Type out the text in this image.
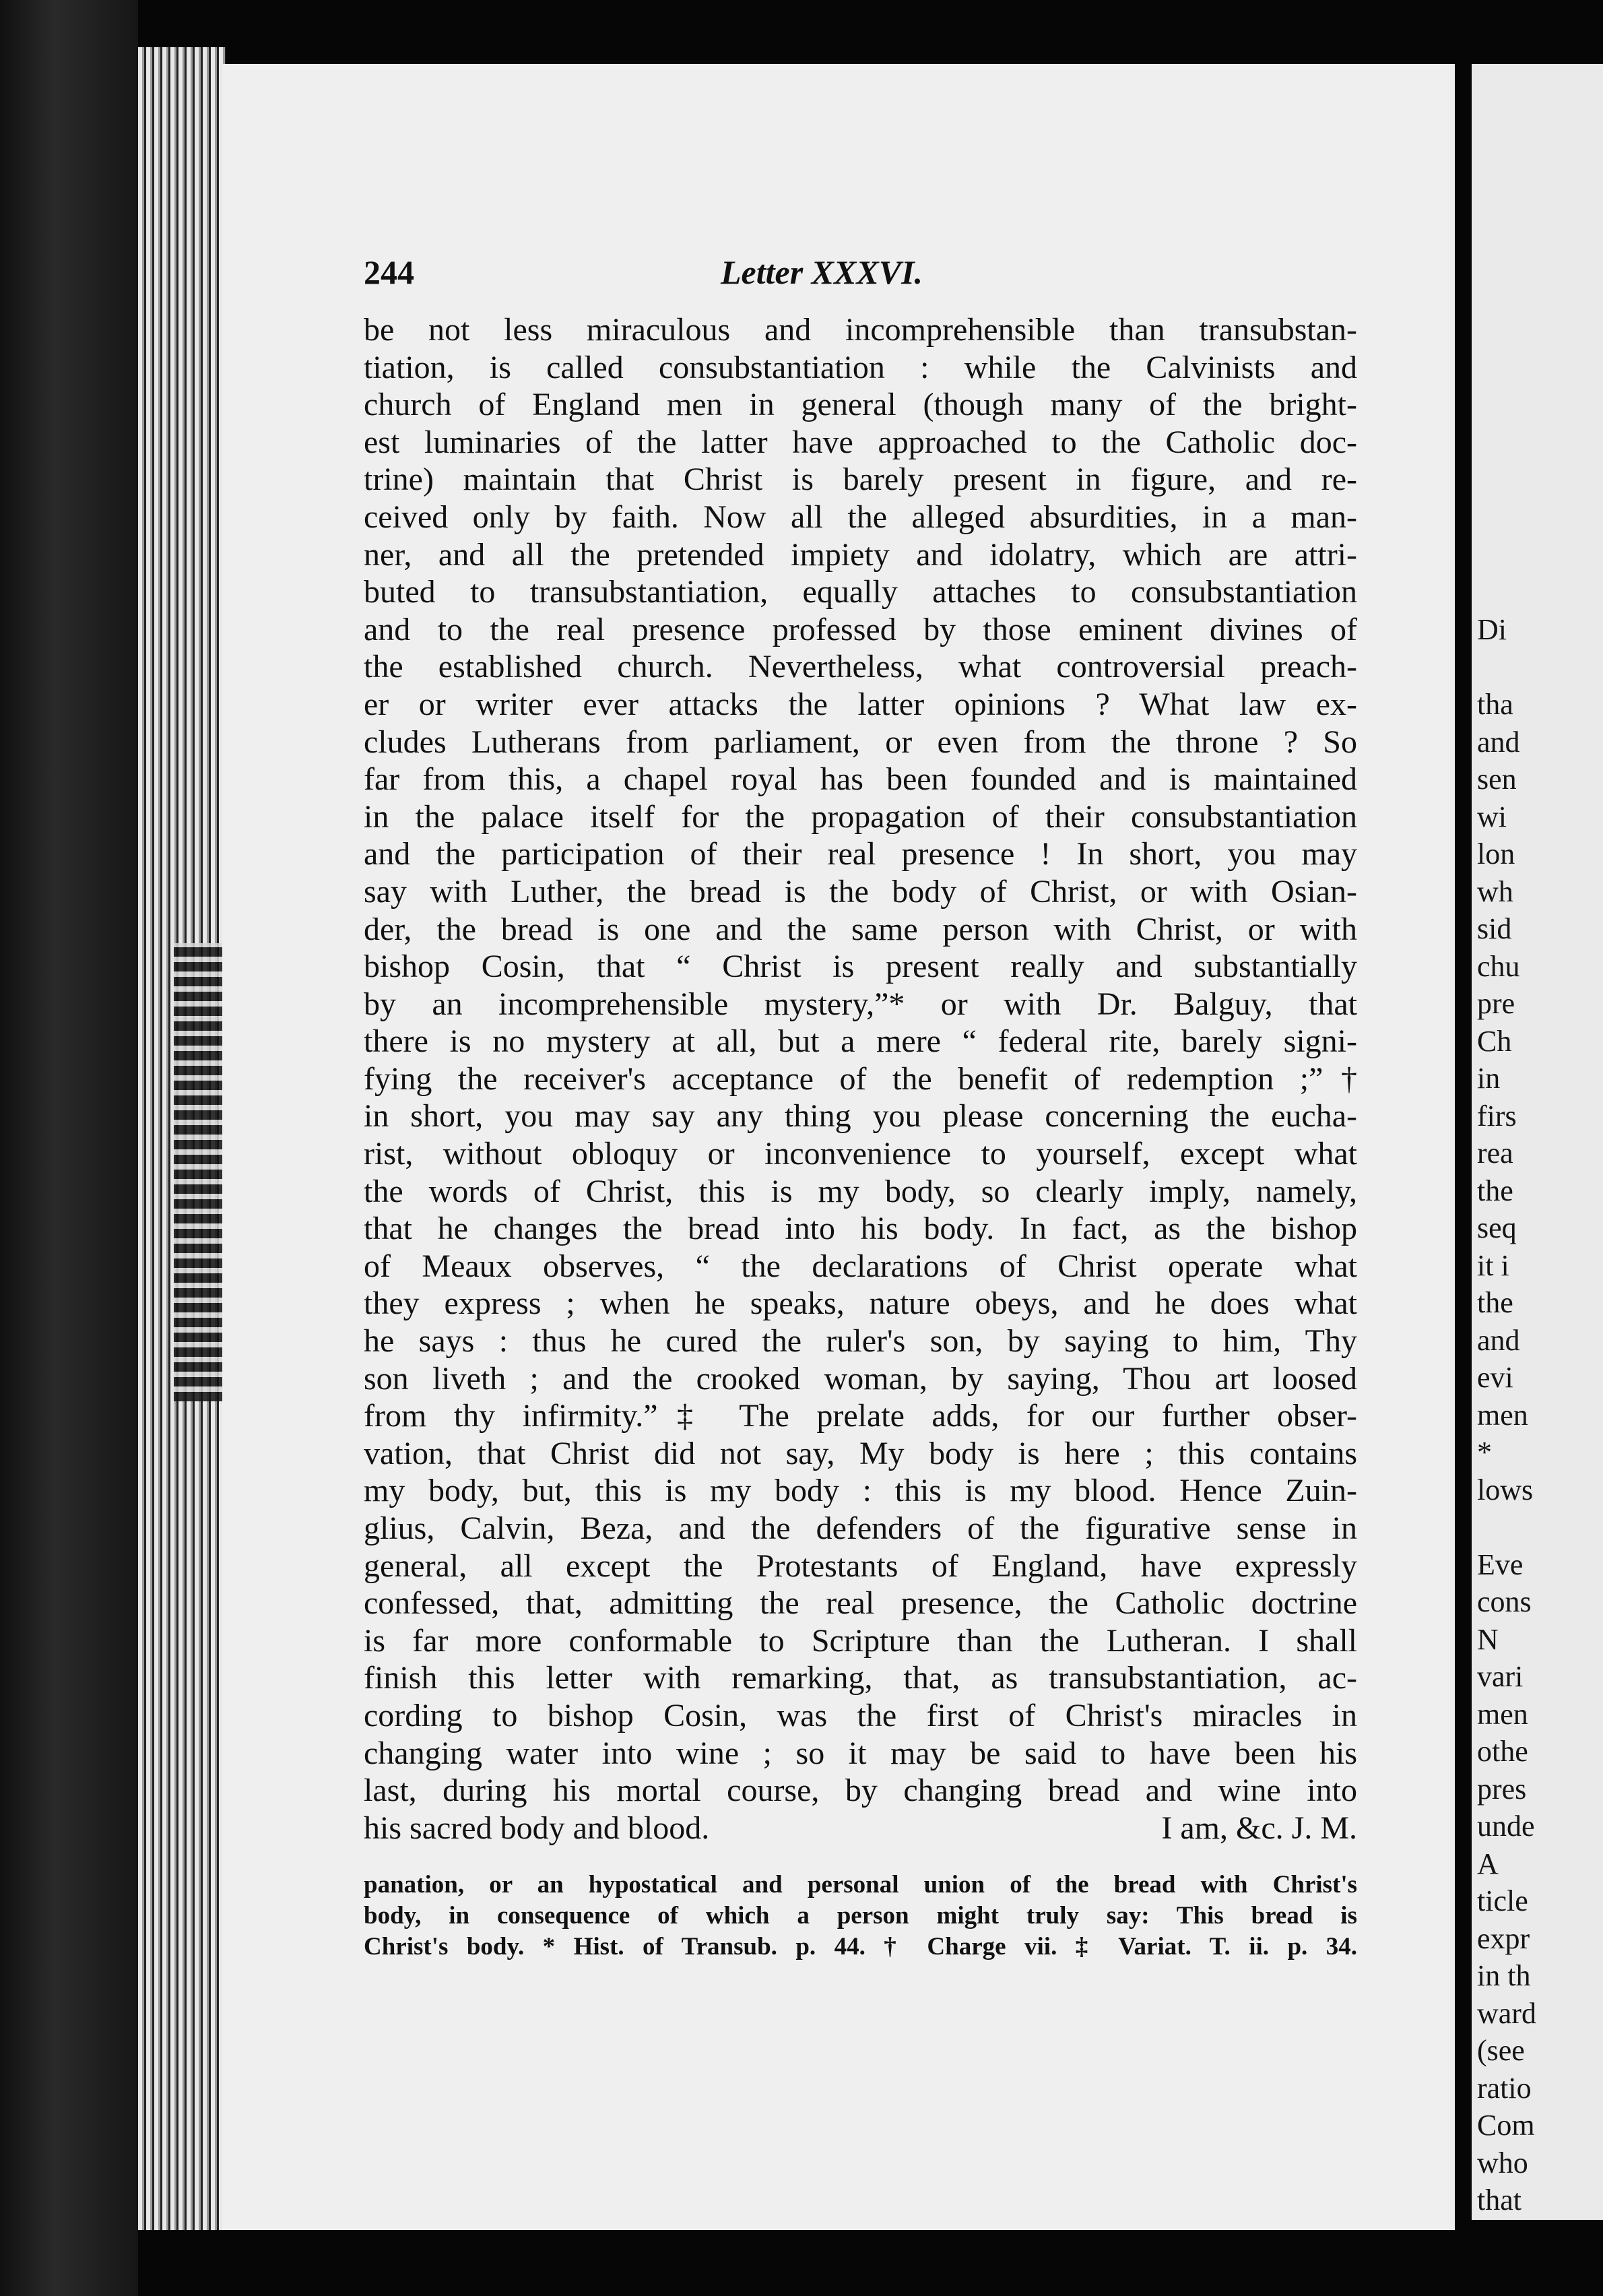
244	Letter XXXVI.
be not less miraculous and incomprehensible than transubstan-
tiation, is called consubstantiation : while the Calvinists and
church of England men in general (though many of the bright-
est luminaries of the latter have approached to the Catholic doc-
trine) maintain that Christ is barely present in figure, and re-
ceived only by faith. Now all the alleged absurdities, in a man-
ner, and all the pretended impiety and idolatry, which are attri-
buted to transubstantiation, equally attaches to consubstantiation
and to the real presence professed by those eminent divines of
the established church. Nevertheless, what controversial preach-
er or writer ever attacks the latter opinions ? What law ex-
cludes Lutherans from parliament, or even from the throne ? So
far from this, a chapel royal has been founded and is maintained
in the palace itself for the propagation of their consubstantiation
and the participation of their real presence ! In short, you may
say with Luther, the bread is the body of Christ, or with Osian-
der, the bread is one and the same person with Christ, or with
bishop Cosin, that “ Christ is present really and substantially
by an incomprehensible mystery,”* or with Dr. Balguy, that
there is no mystery at all, but a mere “ federal rite, barely signi-
fying the receiver's acceptance of the benefit of redemption ;”†
in short, you may say any thing you please concerning the eucha-
rist, without obloquy or inconvenience to yourself, except what
the words of Christ, this is my body, so clearly imply, namely,
that he changes the bread into his body. In fact, as the bishop
of Meaux observes, “ the declarations of Christ operate what
they express ; when he speaks, nature obeys, and he does what
he says : thus he cured the ruler's son, by saying to him, Thy
son liveth ; and the crooked woman, by saying, Thou art loosed
from thy infirmity.”‡ The prelate adds, for our further obser-
vation, that Christ did not say, My body is here ; this contains
my body, but, this is my body : this is my blood. Hence Zuin-
glius, Calvin, Beza, and the defenders of the figurative sense in
general, all except the Protestants of England, have expressly
confessed, that, admitting the real presence, the Catholic doctrine
is far more conformable to Scripture than the Lutheran. I shall
finish this letter with remarking, that, as transubstantiation, ac-
cording to bishop Cosin, was the first of Christ's miracles in
changing water into wine ; so it may be said to have been his
last, during his mortal course, by changing bread and wine into
his sacred body and blood.	I am, &c. J. M.
panation, or an hypostatical and personal union of the bread with Christ's
body, in consequence of which a person might truly say: This bread is
Christ's body. * Hist. of Transub. p. 44. † Charge vii. ‡ Variat. T. ii. p. 34.
Di
tha
and
sen
wi
lon
wh
sid
chu
pre
Ch
in
firs
rea
the
seq
it i
the
and
evi
men
*
lows
Eve
cons
N
vari
men
othe
pres
unde
A
ticle
expr
in th
ward
(see
ratio
Com
who
that
